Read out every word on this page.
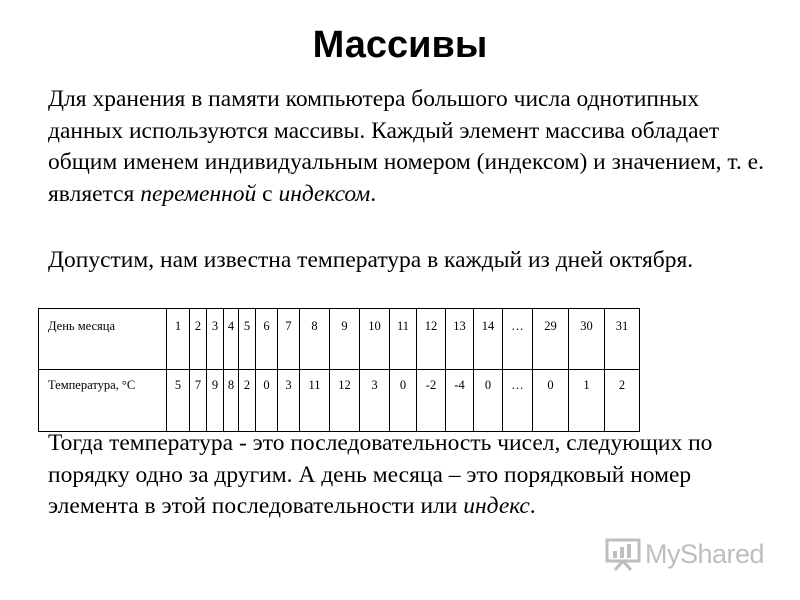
Массивы
Для хранения в памяти компьютера большого числа однотипных данных используются массивы. Каждый элемент массива обладает общим именем индивидуальным номером (индексом) и значением, т. е. является переменной с индексом.
Допустим, нам известна температура в каждый из дней октября.
День месяца	1	2	3	4	5	6	7	8	9	10	11	12	13	14	…	29	30	31
Температура, °С	5	7	9	8	2	0	3	11	12	3	0	-2	-4	0	…	0	1	2
Тогда температура - это последовательность чисел, следующих по порядку одно за другим. А день месяца – это порядковый номер элемента в этой последовательности или индекс.
MyShared
